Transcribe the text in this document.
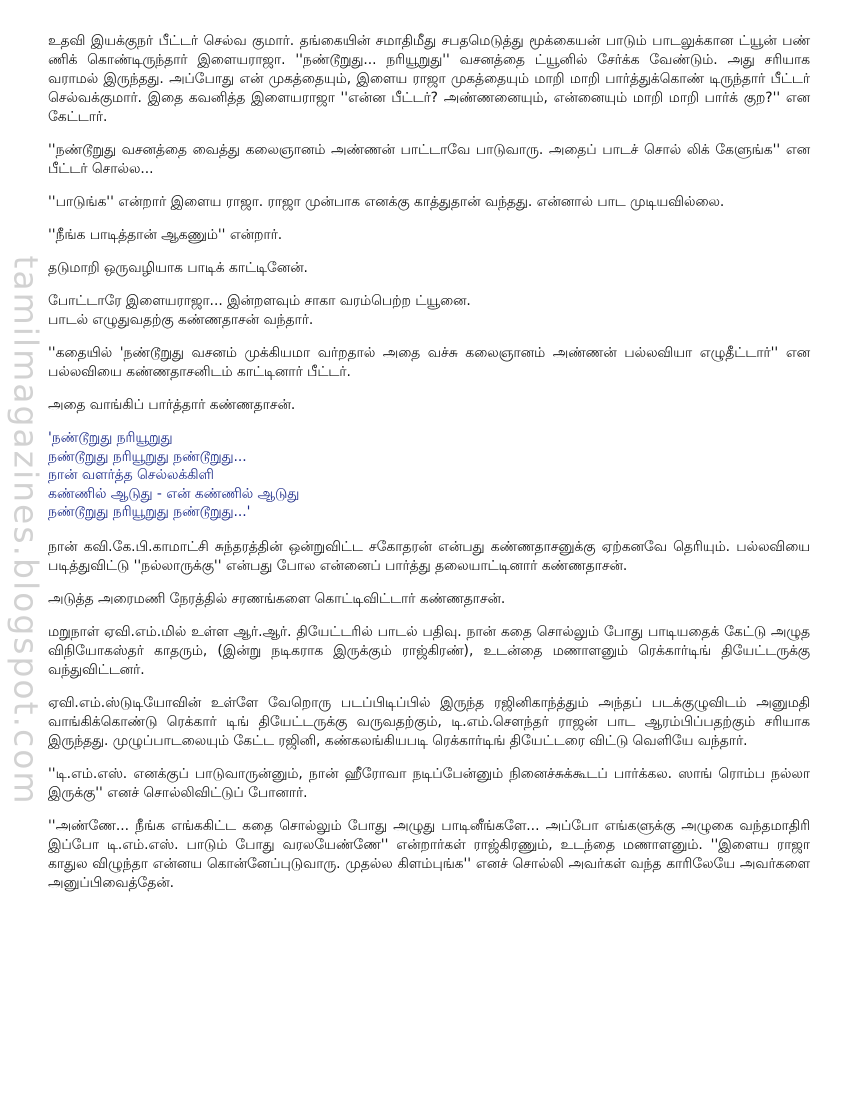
tamilmagazines.blogspot.com

உதவி இயக்குநர் பீட்டர் செல்வ குமார். தங்கையின் சமாதிமீது சபதமெடுத்து மூக்கையன் பாடும் பாடலுக்கான ட்யூன் பண் ணிக் கொண்டிருந்தார் இளையராஜா. ''நண்டூறுது... நரியூறுது'' வசனத்தை ட்யூனில் சேர்க்க வேண்டும். அது சரியாக வராமல் இருந்தது. அப்போது என் முகத்தையும், இளைய ராஜா முகத்தையும் மாறி மாறி பார்த்துக்கொண் டிருந்தார் பீட்டர் செல்வக்குமார். இதை கவனித்த இளையராஜா ''என்ன பீட்டர்? அண்ணனையும், என்னையும் மாறி மாறி பார்க் குற?'' என கேட்டார்.

''நண்டூறுது வசனத்தை வைத்து கலைஞானம் அண்ணன் பாட்டாவே பாடுவாரு. அதைப் பாடச் சொல் லிக் கேளுங்க'' என பீட்டர் சொல்ல...

''பாடுங்க'' என்றார் இளைய ராஜா. ராஜா முன்பாக எனக்கு காத்துதான் வந்தது. என்னால் பாட முடியவில்லை.

''நீங்க பாடித்தான் ஆகணும்'' என்றார்.

தடுமாறி ஒருவழியாக பாடிக் காட்டினேன்.

போட்டாரே இளையராஜா... இன்றளவும் சாகா வரம்பெற்ற ட்யூனை.

பாடல் எழுதுவதற்கு கண்ணதாசன் வந்தார்.

''கதையில் 'நண்டூறுது வசனம் முக்கியமா வர்றதால் அதை வச்சு கலைஞானம் அண்ணன் பல்லவியா எழுதீட்டார்'' என பல்லவியை கண்ணதாசனிடம் காட்டினார் பீட்டர்.

அதை வாங்கிப் பார்த்தார் கண்ணதாசன்.

'நண்டூறுது நரியூறுது
நண்டூறுது நரியூறுது நண்டூறுது...
நான் வளர்த்த செல்லக்கிளி
கண்ணில் ஆடுது - என் கண்ணில் ஆடுது
நண்டூறுது நரியூறுது நண்டூறுது...'

நான் கவி.கே.பி.காமாட்சி சுந்தரத்தின் ஒன்றுவிட்ட சகோதரன் என்பது கண்ணதாசனுக்கு ஏற்கனவே தெரியும். பல்லவியை படித்துவிட்டு ''நல்லாருக்கு'' என்பது போல என்னைப் பார்த்து தலையாட்டினார் கண்ணதாசன்.

அடுத்த அரைமணி நேரத்தில் சரணங்களை கொட்டிவிட்டார் கண்ணதாசன்.

மறுநாள் ஏவி.எம்.மில் உள்ள ஆர்.ஆர். தியேட்டரில் பாடல் பதிவு. நான் கதை சொல்லும் போது பாடியதைக் கேட்டு அழுத விநியோகஸ்தர் காதரும், (இன்று நடிகராக இருக்கும் ராஜ்கிரண்), உடன்தை மணாளனும் ரெக்கார்டிங் தியேட்டருக்கு வந்துவிட்டனர்.

ஏவி.எம்.ஸ்டுடியோவின் உள்ளே வேறொரு படப்பிடிப்பில் இருந்த ரஜினிகாந்த்தும் அந்தப் படக்குழுவிடம் அனுமதி வாங்கிக்கொண்டு ரெக்கார் டிங் தியேட்டருக்கு வருவதற்கும், டி.எம்.சௌந்தர் ராஜன் பாட ஆரம்பிப்பதற்கும் சரியாக இருந்தது. முழுப்பாடலையும் கேட்ட ரஜினி, கண்கலங்கியபடி ரெக்கார்டிங் தியேட்டரை விட்டு வெளியே வந்தார்.

''டி.எம்.எஸ். எனக்குப் பாடுவாருன்னும், நான் ஹீரோவா நடிப்பேன்னும் நினைச்சுக்கூடப் பார்க்கல. ஸாங் ரொம்ப நல்லா இருக்கு'' எனச் சொல்லிவிட்டுப் போனார்.

''அண்ணே... நீங்க எங்ககிட்ட கதை சொல்லும் போது அழுது பாடினீங்களே... அப்போ எங்களுக்கு அழுகை வந்தமாதிரி இப்போ டி.எம்.எஸ். பாடும் போது வரலயேண்ணே'' என்றார்கள் ராஜ்கிரணும், உடந்தை மணாளனும். ''இளைய ராஜா காதுல விழுந்தா என்னய கொன்னேப்புடுவாரு. முதல்ல கிளம்புங்க'' எனச் சொல்லி அவர்கள் வந்த காரிலேயே அவர்களை அனுப்பிவைத்தேன்.
